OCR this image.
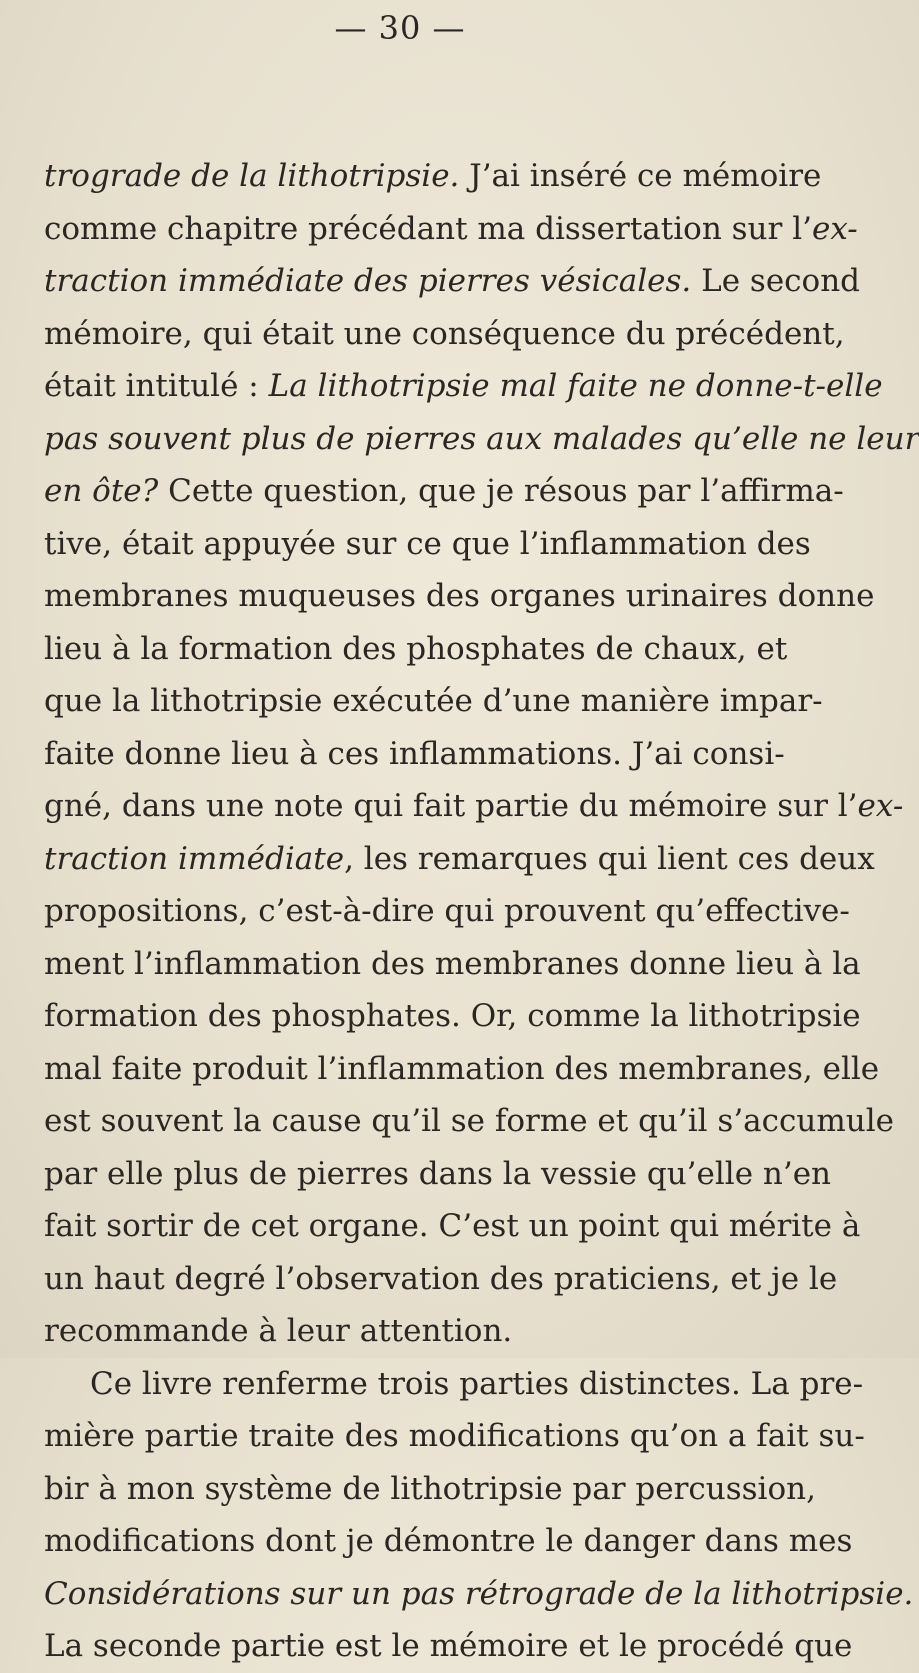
— 30 —
trograde de la lithotripsie. J’ai inséré ce mémoire
comme chapitre précédant ma dissertation sur l’ex-
traction immédiate des pierres vésicales. Le second
mémoire, qui était une conséquence du précédent,
était intitulé : La lithotripsie mal faite ne donne-t-elle
pas souvent plus de pierres aux malades qu’elle ne leur
en ôte? Cette question, que je résous par l’affirma-
tive, était appuyée sur ce que l’inflammation des
membranes muqueuses des organes urinaires donne
lieu à la formation des phosphates de chaux, et
que la lithotripsie exécutée d’une manière impar-
faite donne lieu à ces inflammations. J’ai consi-
gné, dans une note qui fait partie du mémoire sur l’ex-
traction immédiate, les remarques qui lient ces deux
propositions, c’est-à-dire qui prouvent qu’effective-
ment l’inflammation des membranes donne lieu à la
formation des phosphates. Or, comme la lithotripsie
mal faite produit l’inflammation des membranes, elle
est souvent la cause qu’il se forme et qu’il s’accumule
par elle plus de pierres dans la vessie qu’elle n’en
fait sortir de cet organe. C’est un point qui mérite à
un haut degré l’observation des praticiens, et je le
recommande à leur attention.
Ce livre renferme trois parties distinctes. La pre-
mière partie traite des modifications qu’on a fait su-
bir à mon système de lithotripsie par percussion,
modifications dont je démontre le danger dans mes
Considérations sur un pas rétrograde de la lithotripsie.
La seconde partie est le mémoire et le procédé que
